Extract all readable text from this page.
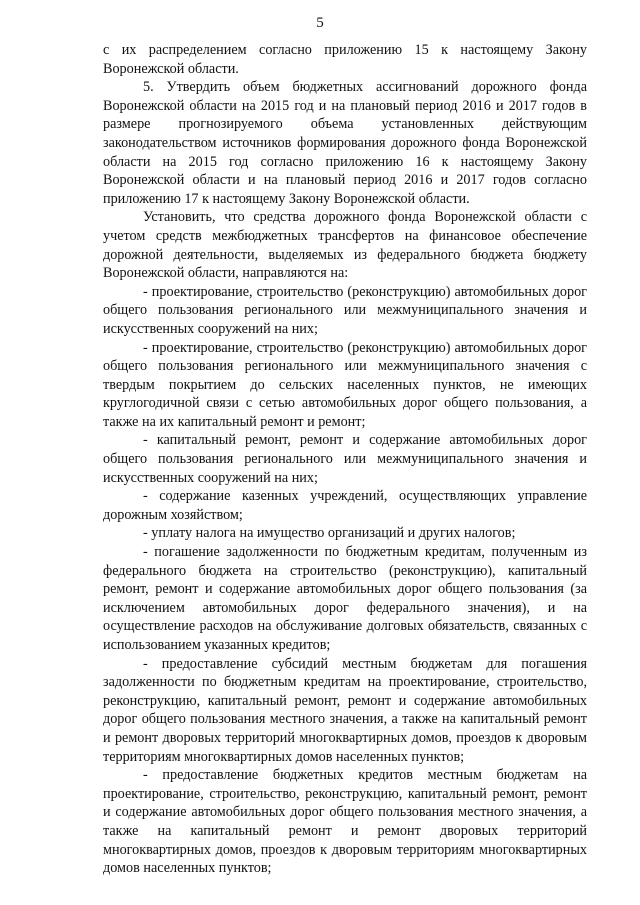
5

с их распределением согласно приложению 15 к настоящему Закону Воронежской области.

5. Утвердить объем бюджетных ассигнований дорожного фонда Воронежской области на 2015 год и на плановый период 2016 и 2017 годов в размере прогнозируемого объема установленных действующим законодательством источников формирования дорожного фонда Воронежской области на 2015 год согласно приложению 16 к настоящему Закону Воронежской области и на плановый период 2016 и 2017 годов согласно приложению 17 к настоящему Закону Воронежской области.

Установить, что средства дорожного фонда Воронежской области с учетом средств межбюджетных трансфертов на финансовое обеспечение дорожной деятельности, выделяемых из федерального бюджета бюджету Воронежской области, направляются на:

- проектирование, строительство (реконструкцию) автомобильных дорог общего пользования регионального или межмуниципального значения и искусственных сооружений на них;

- проектирование, строительство (реконструкцию) автомобильных дорог общего пользования регионального или межмуниципального значения с твердым покрытием до сельских населенных пунктов, не имеющих круглогодичной связи с сетью автомобильных дорог общего пользования, а также на их капитальный ремонт и ремонт;

- капитальный ремонт, ремонт и содержание автомобильных дорог общего пользования регионального или межмуниципального значения и искусственных сооружений на них;

- содержание казенных учреждений, осуществляющих управление дорожным хозяйством;

- уплату налога на имущество организаций и других налогов;

- погашение задолженности по бюджетным кредитам, полученным из федерального бюджета на строительство (реконструкцию), капитальный ремонт, ремонт и содержание автомобильных дорог общего пользования (за исключением автомобильных дорог федерального значения), и на осуществление расходов на обслуживание долговых обязательств, связанных с использованием указанных кредитов;

- предоставление субсидий местным бюджетам для погашения задолженности по бюджетным кредитам на проектирование, строительство, реконструкцию, капитальный ремонт, ремонт и содержание автомобильных дорог общего пользования местного значения, а также на капитальный ремонт и ремонт дворовых территорий многоквартирных домов, проездов к дворовым территориям многоквартирных домов населенных пунктов;

- предоставление бюджетных кредитов местным бюджетам на проектирование, строительство, реконструкцию, капитальный ремонт, ремонт и содержание автомобильных дорог общего пользования местного значения, а также на капитальный ремонт и ремонт дворовых территорий многоквартирных домов, проездов к дворовым территориям многоквартирных домов населенных пунктов;
